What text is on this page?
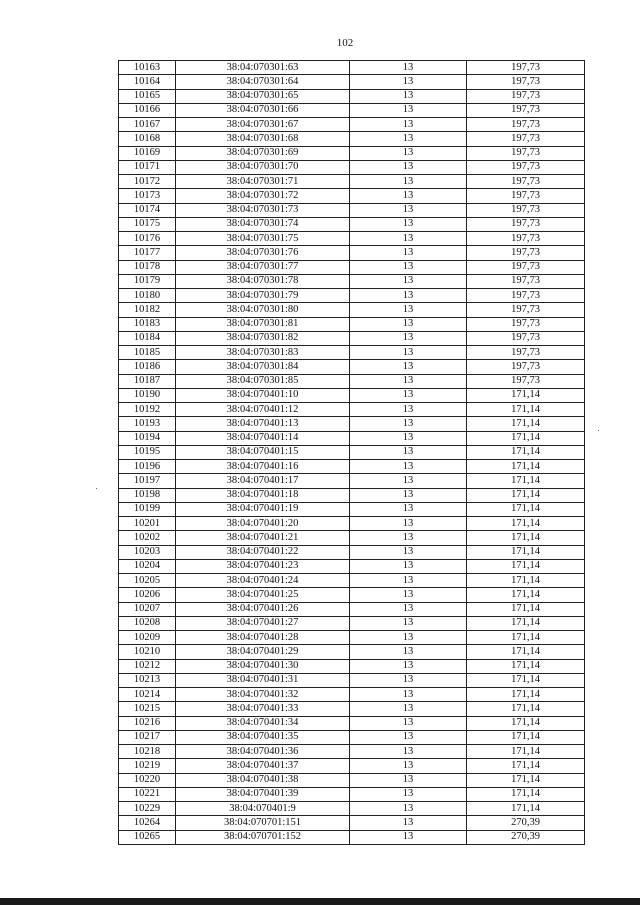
102
10163	38:04:070301:63	13	197,73
10164	38:04:070301:64	13	197,73
10165	38:04:070301:65	13	197,73
10166	38:04:070301:66	13	197,73
10167	38:04:070301:67	13	197,73
10168	38:04:070301:68	13	197,73
10169	38:04:070301:69	13	197,73
10171	38:04:070301:70	13	197,73
10172	38:04:070301:71	13	197,73
10173	38:04:070301:72	13	197,73
10174	38:04:070301:73	13	197,73
10175	38:04:070301:74	13	197,73
10176	38:04:070301:75	13	197,73
10177	38:04:070301:76	13	197,73
10178	38:04:070301:77	13	197,73
10179	38:04:070301:78	13	197,73
10180	38:04:070301:79	13	197,73
10182	38:04:070301:80	13	197,73
10183	38:04:070301:81	13	197,73
10184	38:04:070301:82	13	197,73
10185	38:04:070301:83	13	197,73
10186	38:04:070301:84	13	197,73
10187	38:04:070301:85	13	197,73
10190	38:04:070401:10	13	171,14
10192	38:04:070401:12	13	171,14
10193	38:04:070401:13	13	171,14
10194	38:04:070401:14	13	171,14
10195	38:04:070401:15	13	171,14
10196	38:04:070401:16	13	171,14
10197	38:04:070401:17	13	171,14
10198	38:04:070401:18	13	171,14
10199	38:04:070401:19	13	171,14
10201	38:04:070401:20	13	171,14
10202	38:04:070401:21	13	171,14
10203	38:04:070401:22	13	171,14
10204	38:04:070401:23	13	171,14
10205	38:04:070401:24	13	171,14
10206	38:04:070401:25	13	171,14
10207	38:04:070401:26	13	171,14
10208	38:04:070401:27	13	171,14
10209	38:04:070401:28	13	171,14
10210	38:04:070401:29	13	171,14
10212	38:04:070401:30	13	171,14
10213	38:04:070401:31	13	171,14
10214	38:04:070401:32	13	171,14
10215	38:04:070401:33	13	171,14
10216	38:04:070401:34	13	171,14
10217	38:04:070401:35	13	171,14
10218	38:04:070401:36	13	171,14
10219	38:04:070401:37	13	171,14
10220	38:04:070401:38	13	171,14
10221	38:04:070401:39	13	171,14
10229	38:04:070401:9	13	171,14
10264	38:04:070701:151	13	270,39
10265	38:04:070701:152	13	270,39
